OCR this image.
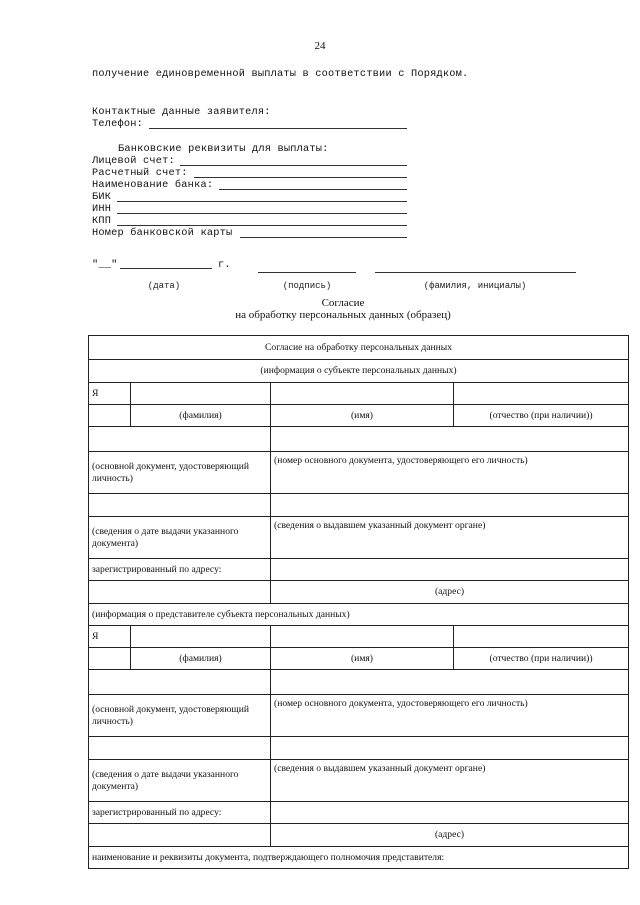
24
получение единовременной выплаты в соответствии с Порядком.
Контактные данные заявителя:
Телефон:
Банковские реквизиты для выплаты:
Лицевой счет:
Расчетный счет:
Наименование банка:
БИК
ИНН
КПП
Номер банковской карты
"__"	г.
(дата)	(подпись)	(фамилия, инициалы)
Согласие
на обработку персональных данных (образец)
Согласие на обработку персональных данных			
(информация о субъекте персональных данных)			
Я			
	(фамилия)	(имя)	(отчество (при наличии))

(основной документ, удостоверяющий личность)		(номер основного документа, удостоверяющего его личность)	

(сведения о дате выдачи указанного документа)		(сведения о выдавшем указанный документ органе)	
зарегистрированный по адресу:			
		(адрес)	
(информация о представителе субъекта персональных данных)			
Я			
	(фамилия)	(имя)	(отчество (при наличии))

(основной документ, удостоверяющий личность)		(номер основного документа, удостоверяющего его личность)	

(сведения о дате выдачи указанного документа)		(сведения о выдавшем указанный документ органе)	
зарегистрированный по адресу:			
		(адрес)	
наименование и реквизиты документа, подтверждающего полномочия представителя:			
